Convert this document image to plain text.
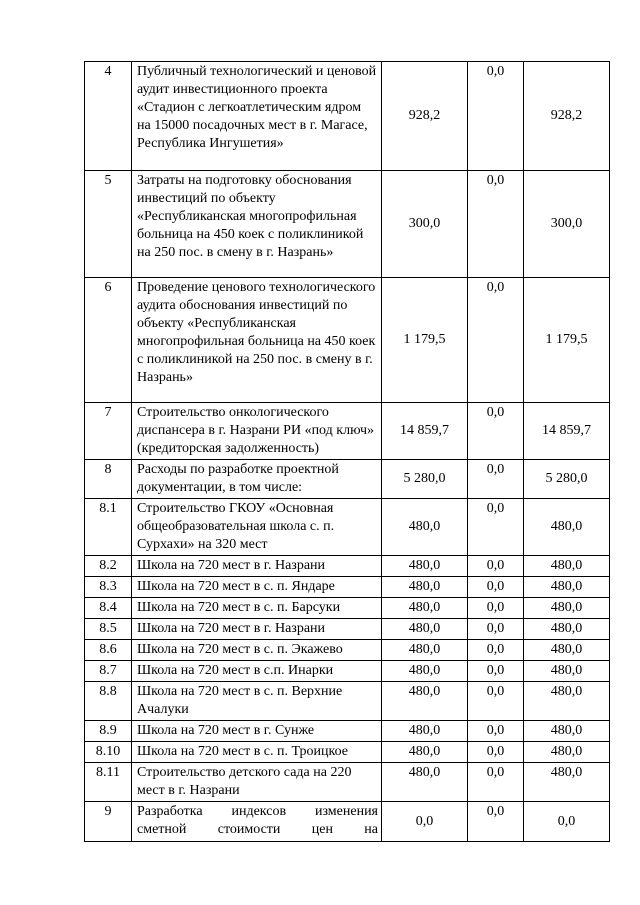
4	Публичный технологический и ценовой аудит инвестиционного проекта «Стадион с легкоатлетическим ядром на 15000 посадочных мест в г. Магасе, Республика Ингушетия»	928,2	0,0	928,2
5	Затраты на подготовку обоснования инвестиций по объекту «Республиканская многопрофильная больница на 450 коек с поликлиникой на 250 пос. в смену в г. Назрань»	300,0	0,0	300,0
6	Проведение ценового технологического аудита обоснования инвестиций по объекту «Республиканская многопрофильная больница на 450 коек с поликлиникой на 250 пос. в смену в г. Назрань»	1 179,5	0,0	1 179,5
7	Строительство онкологического диспансера в г. Назрани РИ «под ключ» (кредиторская задолженность)	14 859,7	0,0	14 859,7
8	Расходы по разработке проектной документации, в том числе:	5 280,0	0,0	5 280,0
8.1	Строительство ГКОУ «Основная общеобразовательная школа с. п. Сурхахи» на 320 мест	480,0	0,0	480,0
8.2	Школа на 720 мест в г. Назрани	480,0	0,0	480,0
8.3	Школа на 720 мест в с. п. Яндаре	480,0	0,0	480,0
8.4	Школа на 720 мест в с. п. Барсуки	480,0	0,0	480,0
8.5	Школа на 720 мест в г. Назрани	480,0	0,0	480,0
8.6	Школа на 720 мест в с. п. Экажево	480,0	0,0	480,0
8.7	Школа на 720 мест в с.п. Инарки	480,0	0,0	480,0
8.8	Школа на 720 мест в с. п. Верхние Ачалуки	480,0	0,0	480,0
8.9	Школа на 720 мест в г. Сунже	480,0	0,0	480,0
8.10	Школа на 720 мест в с. п. Троицкое	480,0	0,0	480,0
8.11	Строительство детского сада на 220 мест в г. Назрани	480,0	0,0	480,0
9	Разработка индексов изменения сметной стоимости цен на	0,0	0,0	0,0
